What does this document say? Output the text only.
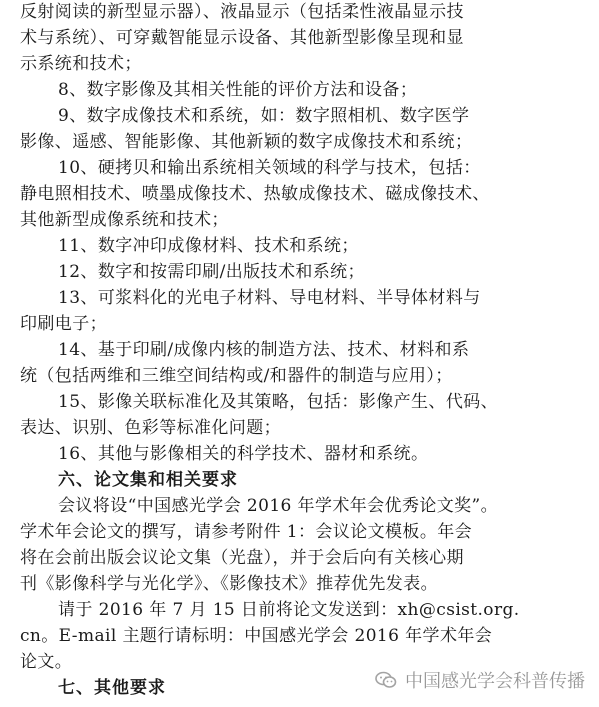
反射阅读的新型显示器）、液晶显示（包括柔性液晶显示技
术与系统）、可穿戴智能显示设备、其他新型影像呈现和显
示系统和技术；
8、数字影像及其相关性能的评价方法和设备；
9、数字成像技术和系统，如：数字照相机、数字医学
影像、遥感、智能影像、其他新颖的数字成像技术和系统；
10、硬拷贝和输出系统相关领域的科学与技术，包括：
静电照相技术、喷墨成像技术、热敏成像技术、磁成像技术、
其他新型成像系统和技术；
11、数字冲印成像材料、技术和系统；
12、数字和按需印刷/出版技术和系统；
13、可浆料化的光电子材料、导电材料、半导体材料与
印刷电子；
14、基于印刷/成像内核的制造方法、技术、材料和系
统（包括两维和三维空间结构或/和器件的制造与应用）；
15、影像关联标准化及其策略，包括：影像产生、代码、
表达、识别、色彩等标准化问题；
16、其他与影像相关的科学技术、器材和系统。
六、论文集和相关要求
会议将设“中国感光学会 2016 年学术年会优秀论文奖”。
学术年会论文的撰写，请参考附件 1：会议论文模板。年会
将在会前出版会议论文集（光盘），并于会后向有关核心期
刊《影像科学与光化学》、《影像技术》推荐优先发表。
请于 2016 年 7 月 15 日前将论文发送到：xh@csist.org.
cn。E-mail 主题行请标明：中国感光学会 2016 年学术年会
论文。
七、其他要求	中国感光学会科普传播
